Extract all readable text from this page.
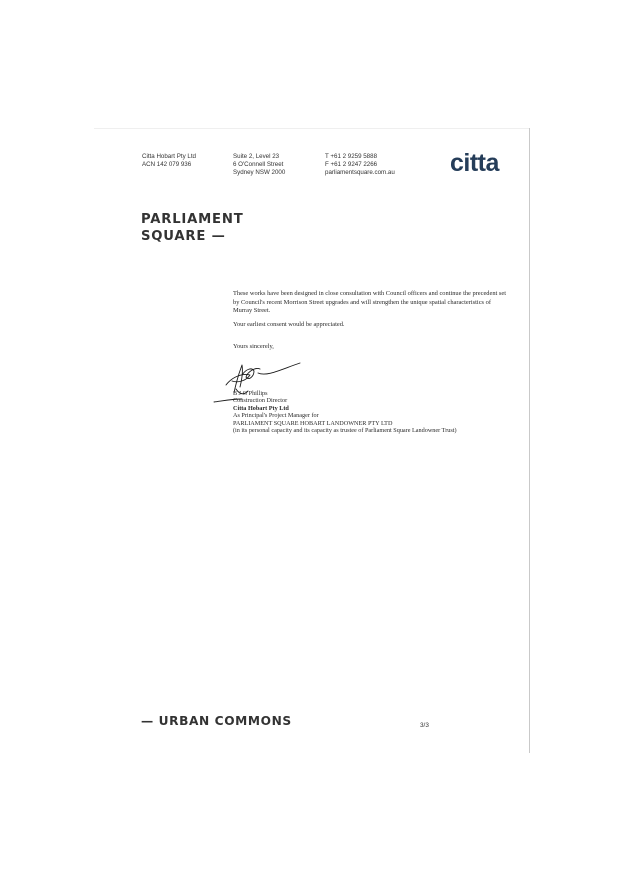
Citta Hobart Pty Ltd
ACN 142 079 936
Suite 2, Level 23
6 O'Connell Street
Sydney NSW 2000
T +61 2 9259 5888
F +61 2 9247 2266
parliamentsquare.com.au citta
PARLIAMENT
SQUARE —

These works have been designed in close consultation with Council officers and continue the precedent set by Council's recent Morrison Street upgrades and will strengthen the unique spatial characteristics of Murray Street.

Your earliest consent would be appreciated.

Yours sincerely,

B J G Phillips
Construction Director
Citta Hobart Pty Ltd
As Principal's Project Manager for
PARLIAMENT SQUARE HOBART LANDOWNER PTY LTD
(in its personal capacity and its capacity as trustee of Parliament Square Landowner Trust)
— URBAN COMMONS	3/3
